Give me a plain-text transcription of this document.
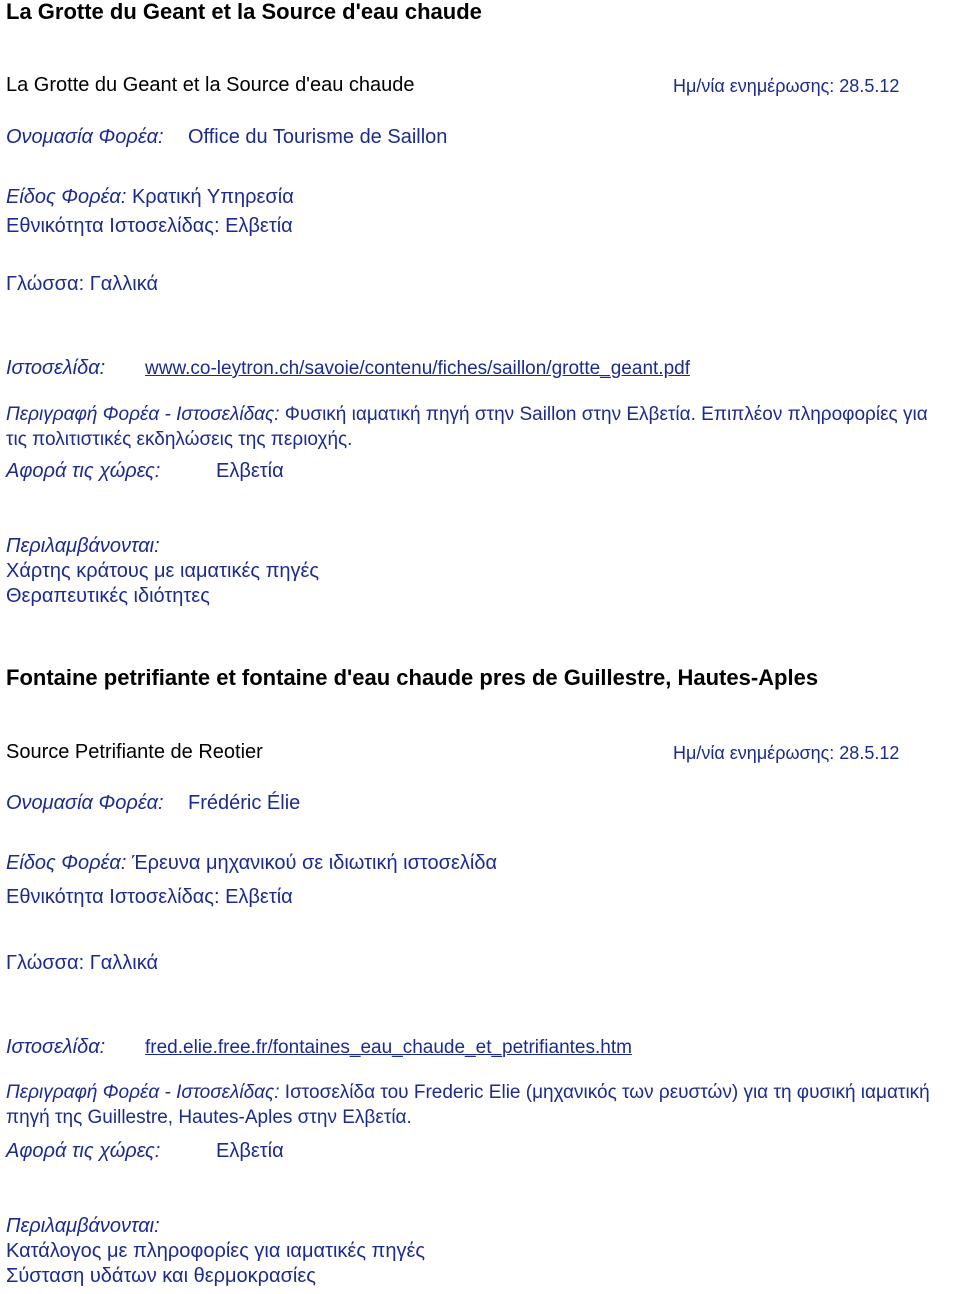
La Grotte du Geant et la Source d'eau chaude
La Grotte du Geant et la Source d'eau chaude	Ημ/νία ενημέρωσης: 28.5.12
Ονομασία Φορέα: Office du Tourisme de Saillon
Είδος Φορέα: Κρατική Υπηρεσία
Εθνικότητα Ιστοσελίδας: Ελβετία
Γλώσσα: Γαλλικά
Ιστοσελίδα: www.co-leytron.ch/savoie/contenu/fiches/saillon/grotte_geant.pdf
Περιγραφή Φορέα - Ιστοσελίδας: Φυσική ιαματική πηγή στην Saillon στην Ελβετία. Επιπλέον πληροφορίες για τις πολιτιστικές εκδηλώσεις της περιοχής.
Αφορά τις χώρες:	Ελβετία
Περιλαμβάνονται:
Χάρτης κράτους με ιαματικές πηγές
Θεραπευτικές ιδιότητες
Fontaine petrifiante et fontaine d'eau chaude pres de Guillestre, Hautes-Aples
Source Petrifiante de Reotier	Ημ/νία ενημέρωσης: 28.5.12
Ονομασία Φορέα: Frédéric Élie
Είδος Φορέα: Έρευνα μηχανικού σε ιδιωτική ιστοσελίδα
Εθνικότητα Ιστοσελίδας: Ελβετία
Γλώσσα: Γαλλικά
Ιστοσελίδα: fred.elie.free.fr/fontaines_eau_chaude_et_petrifiantes.htm
Περιγραφή Φορέα - Ιστοσελίδας: Ιστοσελίδα του Frederic Elie (μηχανικός των ρευστών) για τη φυσική ιαματική πηγή της Guillestre, Hautes-Aples στην Ελβετία.
Αφορά τις χώρες:	Ελβετία
Περιλαμβάνονται:
Κατάλογος με πληροφορίες για ιαματικές πηγές
Σύσταση υδάτων και θερμοκρασίες
